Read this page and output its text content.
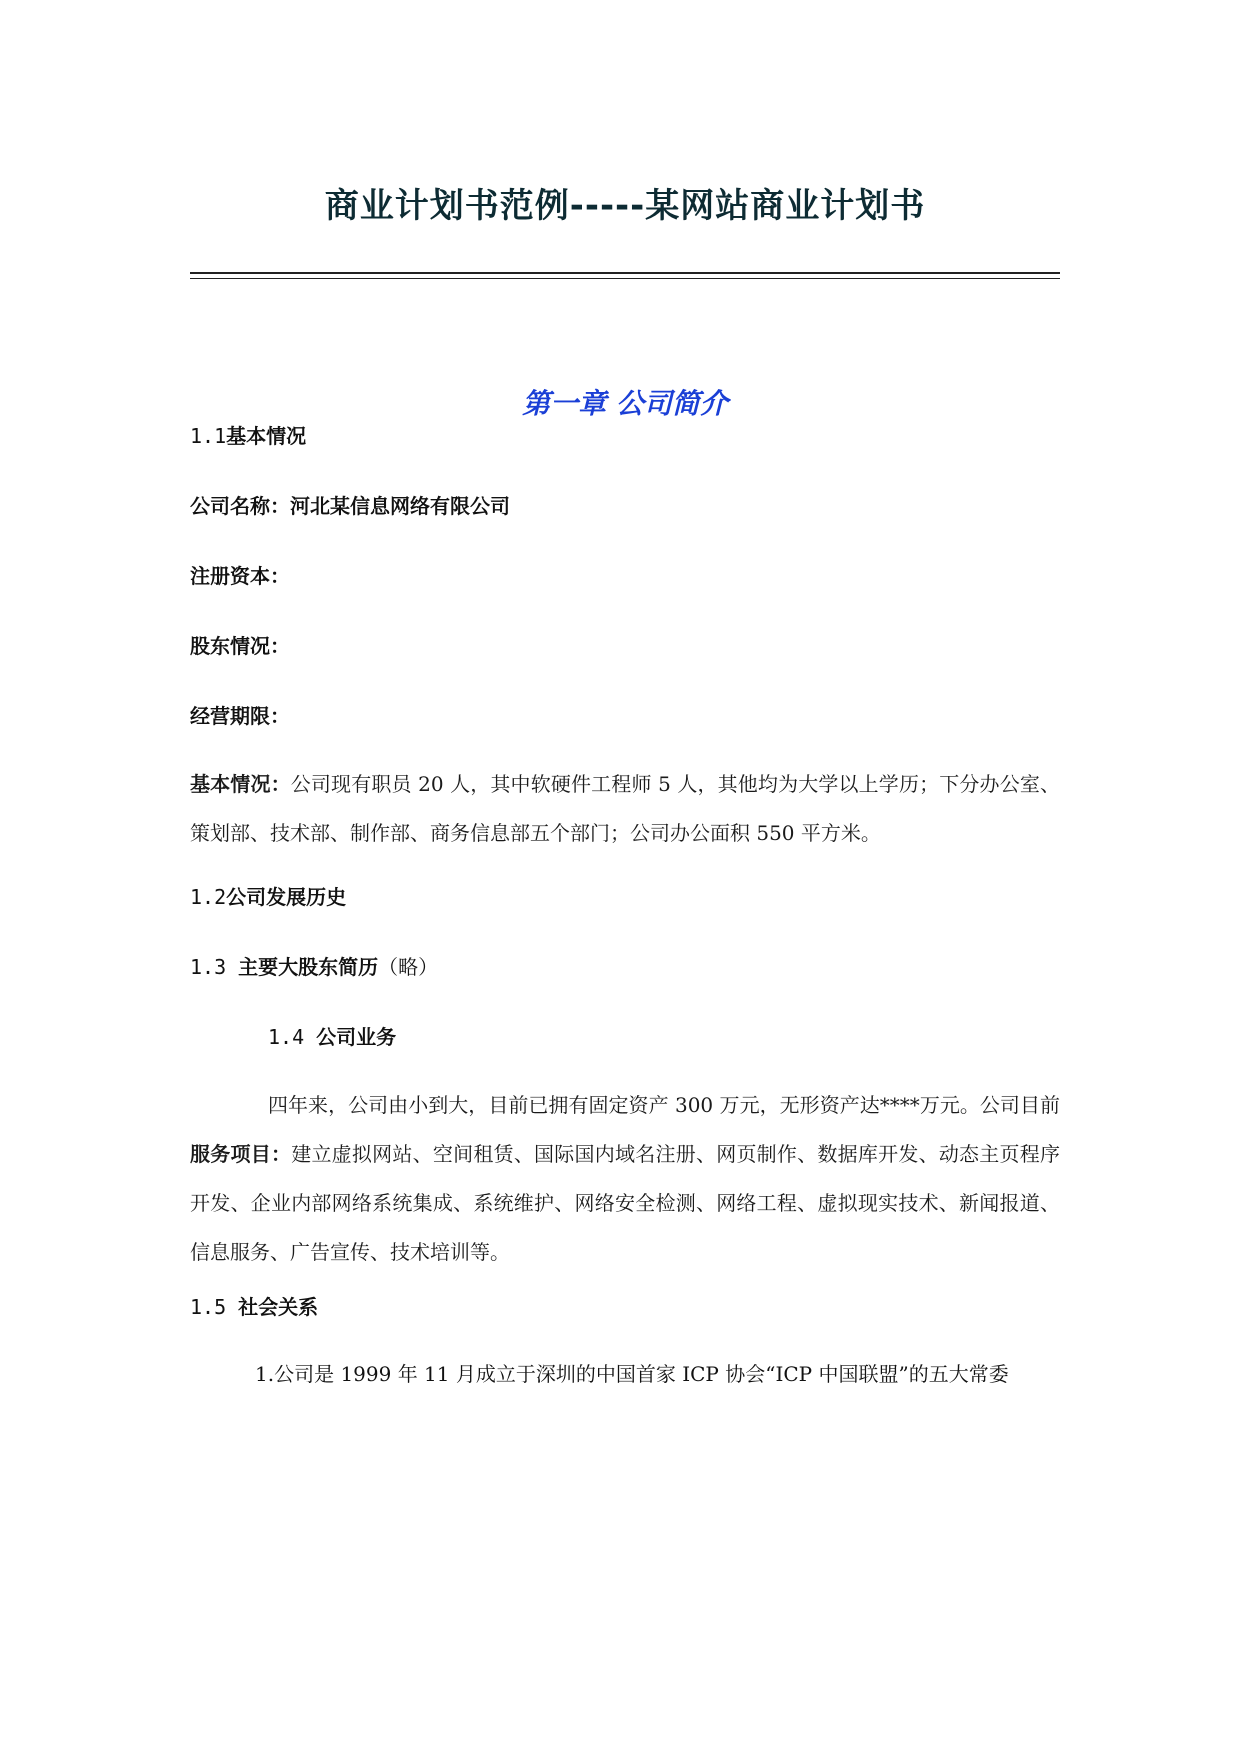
商业计划书范例-----某网站商业计划书
第一章 公司简介
1.1基本情况
公司名称：河北某信息网络有限公司
注册资本：
股东情况：
经营期限：

基本情况：公司现有职员 20 人，其中软硬件工程师 5 人，其他均为大学以上学历；下分办公室、策划部、技术部、制作部、商务信息部五个部门；公司办公面积 550 平方米。

1.2公司发展历史
1.3 主要大股东简历（略）
1.4 公司业务

四年来，公司由小到大，目前已拥有固定资产 300 万元，无形资产达****万元。公司目前服务项目：建立虚拟网站、空间租赁、国际国内域名注册、网页制作、数据库开发、动态主页程序开发、企业内部网络系统集成、系统维护、网络安全检测、网络工程、虚拟现实技术、新闻报道、信息服务、广告宣传、技术培训等。

1.5 社会关系
1.公司是 1999 年 11 月成立于深圳的中国首家 ICP 协会“ICP 中国联盟”的五大常委
